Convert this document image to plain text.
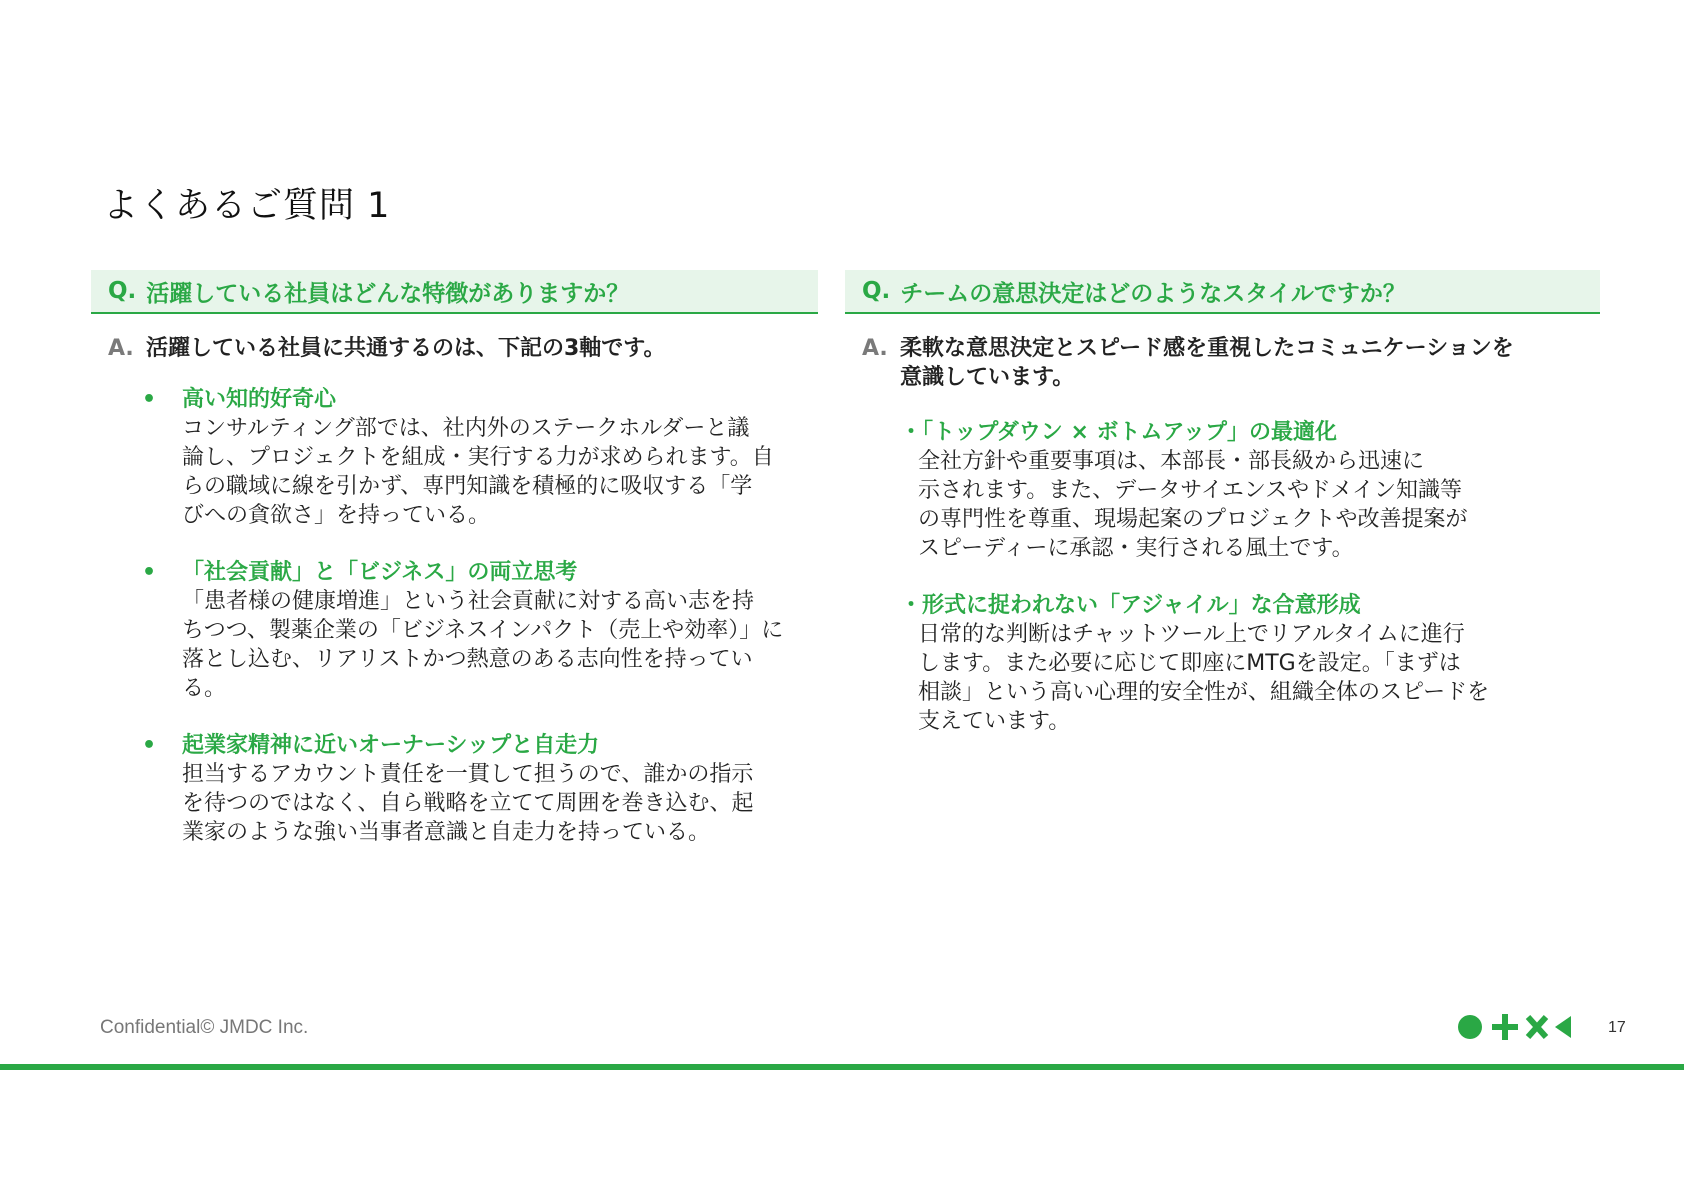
よくあるご質問 1
Q. 活躍している社員はどんな特徴がありますか？
A. 活躍している社員に共通するのは、下記の3軸です。
•	高い知的好奇心

コンサルティング部では、社内外のステークホルダーと議
論し、プロジェクトを組成・実行する力が求められます。自
らの職域に線を引かず、専門知識を積極的に吸収する「学
びへの貪欲さ」を持っている。

•	「社会貢献」と「ビジネス」の両立思考

「患者様の健康増進」という社会貢献に対する高い志を持
ちつつ、製薬企業の「ビジネスインパクト（売上や効率）」に
落とし込む、リアリストかつ熱意のある志向性を持ってい
る。

•	起業家精神に近いオーナーシップと自走力

担当するアカウント責任を一貫して担うので、誰かの指示
を待つのではなく、自ら戦略を立てて周囲を巻き込む、起
業家のような強い当事者意識と自走力を持っている。

Q. チームの意思決定はどのようなスタイルですか？
A. 柔軟な意思決定とスピード感を重視したコミュニケーションを
意識しています。
・「トップダウン × ボトムアップ」の最適化

全社方針や重要事項は、本部長・部長級から迅速に
示されます。また、データサイエンスやドメイン知識等
の専門性を尊重、現場起案のプロジェクトや改善提案が
スピーディーに承認・実行される風土です。

・形式に捉われない「アジャイル」な合意形成

日常的な判断はチャットツール上でリアルタイムに進行
します。また必要に応じて即座にMTGを設定。「まずは
相談」という高い心理的安全性が、組織全体のスピードを
支えています。

Confidential© JMDC Inc.	17
